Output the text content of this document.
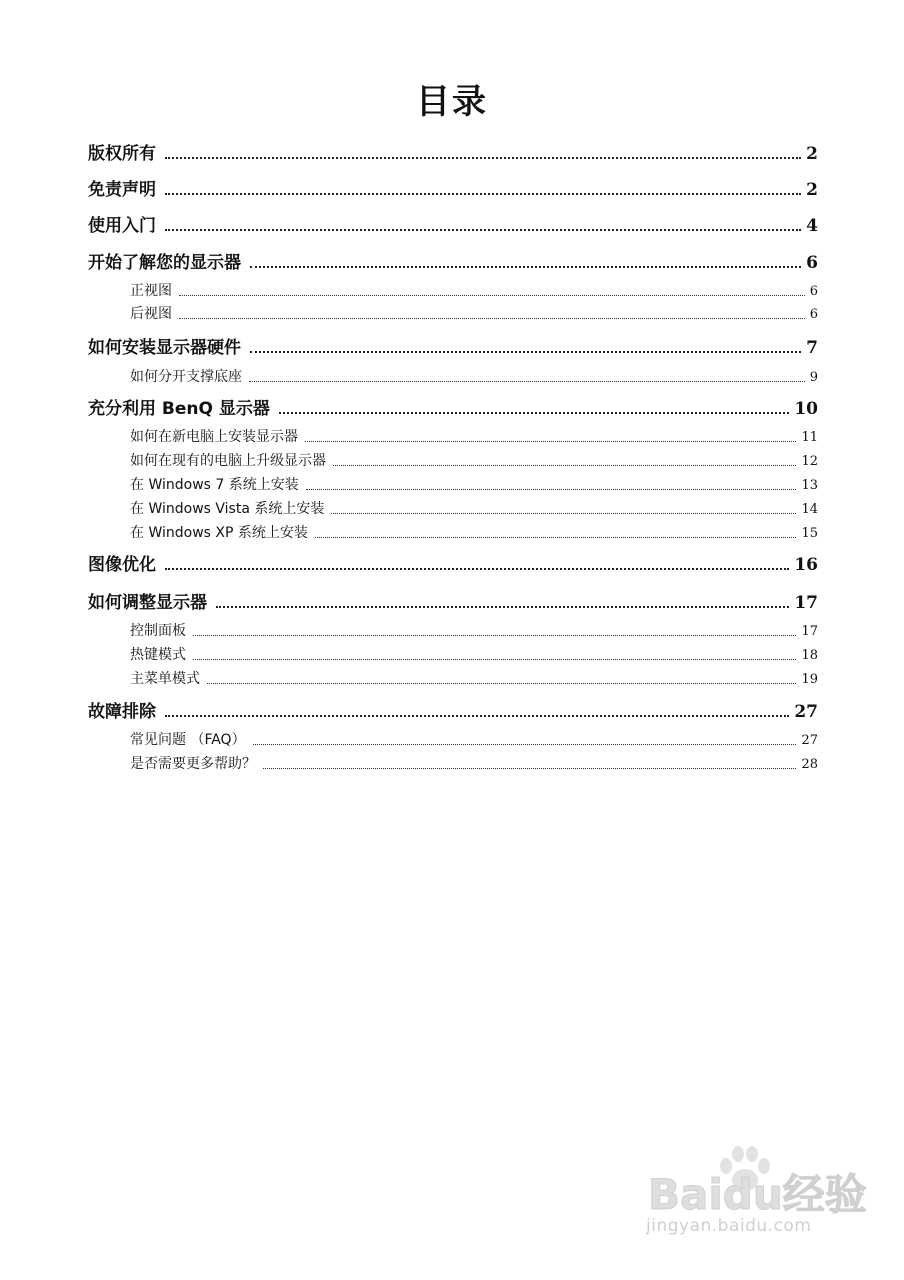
目录
版权所有	2
免责声明	2
使用入门	4
开始了解您的显示器	6
正视图	6
后视图	6
如何安装显示器硬件	7
如何分开支撑底座	9
充分利用 BenQ 显示器	10
如何在新电脑上安装显示器	11
如何在现有的电脑上升级显示器	12
在 Windows 7 系统上安装	13
在 Windows Vista 系统上安装	14
在 Windows XP 系统上安装	15
图像优化	16
如何调整显示器	17
控制面板	17
热键模式	18
主菜单模式	19
故障排除	27
常见问题 （FAQ）	27
是否需要更多帮助？	28
Baidu经验
jingyan.baidu.com
